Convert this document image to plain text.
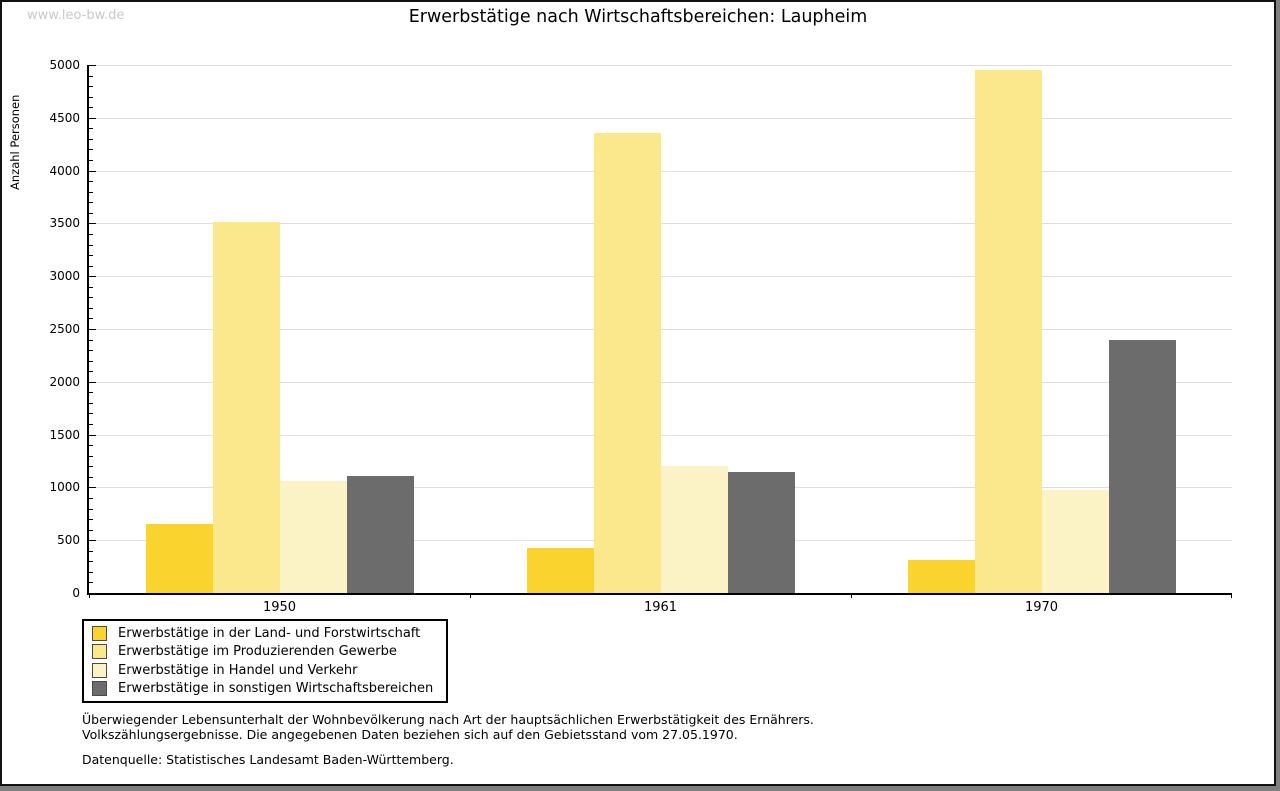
www.leo-bw.de	Erwerbstätige nach Wirtschaftsbereichen: Laupheim
Anzahl Personen
0
500
1000
1500
2000
2500
3000
3500
4000
4500
5000
1950	1961	1970
Erwerbstätige in der Land- und Forstwirtschaft
Erwerbstätige im Produzierenden Gewerbe
Erwerbstätige in Handel und Verkehr
Erwerbstätige in sonstigen Wirtschaftsbereichen
Überwiegender Lebensunterhalt der Wohnbevölkerung nach Art der hauptsächlichen Erwerbstätigkeit des Ernährers.
Volkszählungsergebnisse. Die angegebenen Daten beziehen sich auf den Gebietsstand vom 27.05.1970.
Datenquelle: Statistisches Landesamt Baden-Württemberg.
